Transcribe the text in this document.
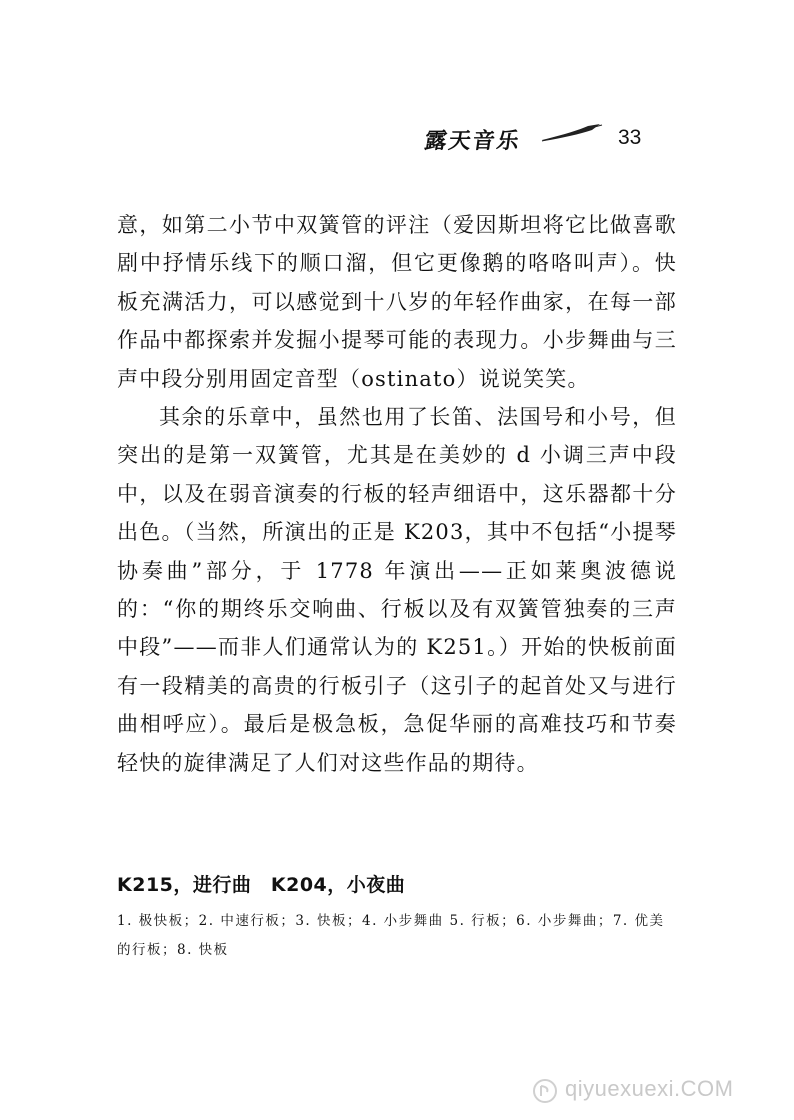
露天音乐	33

意，如第二小节中双簧管的评注（爱因斯坦将它比做喜歌剧中抒情乐线下的顺口溜，但它更像鹅的咯咯叫声）。快板充满活力，可以感觉到十八岁的年轻作曲家，在每一部作品中都探索并发掘小提琴可能的表现力。小步舞曲与三声中段分别用固定音型（ostinato）说说笑笑。

其余的乐章中，虽然也用了长笛、法国号和小号，但突出的是第一双簧管，尤其是在美妙的 d 小调三声中段中，以及在弱音演奏的行板的轻声细语中，这乐器都十分出色。（当然，所演出的正是 K203，其中不包括“小提琴协奏曲”部分，于 1778 年演出——正如莱奥波德说的：“你的期终乐交响曲、行板以及有双簧管独奏的三声中段”——而非人们通常认为的 K251。）开始的快板前面有一段精美的高贵的行板引子（这引子的起首处又与进行曲相呼应）。最后是极急板，急促华丽的高难技巧和节奏轻快的旋律满足了人们对这些作品的期待。

K215，进行曲　K204，小夜曲

1. 极快板；2. 中速行板；3. 快板；4. 小步舞曲 5. 行板；6. 小步舞曲；7. 优美的行板；8. 快板

qiyuexuexi.COM
